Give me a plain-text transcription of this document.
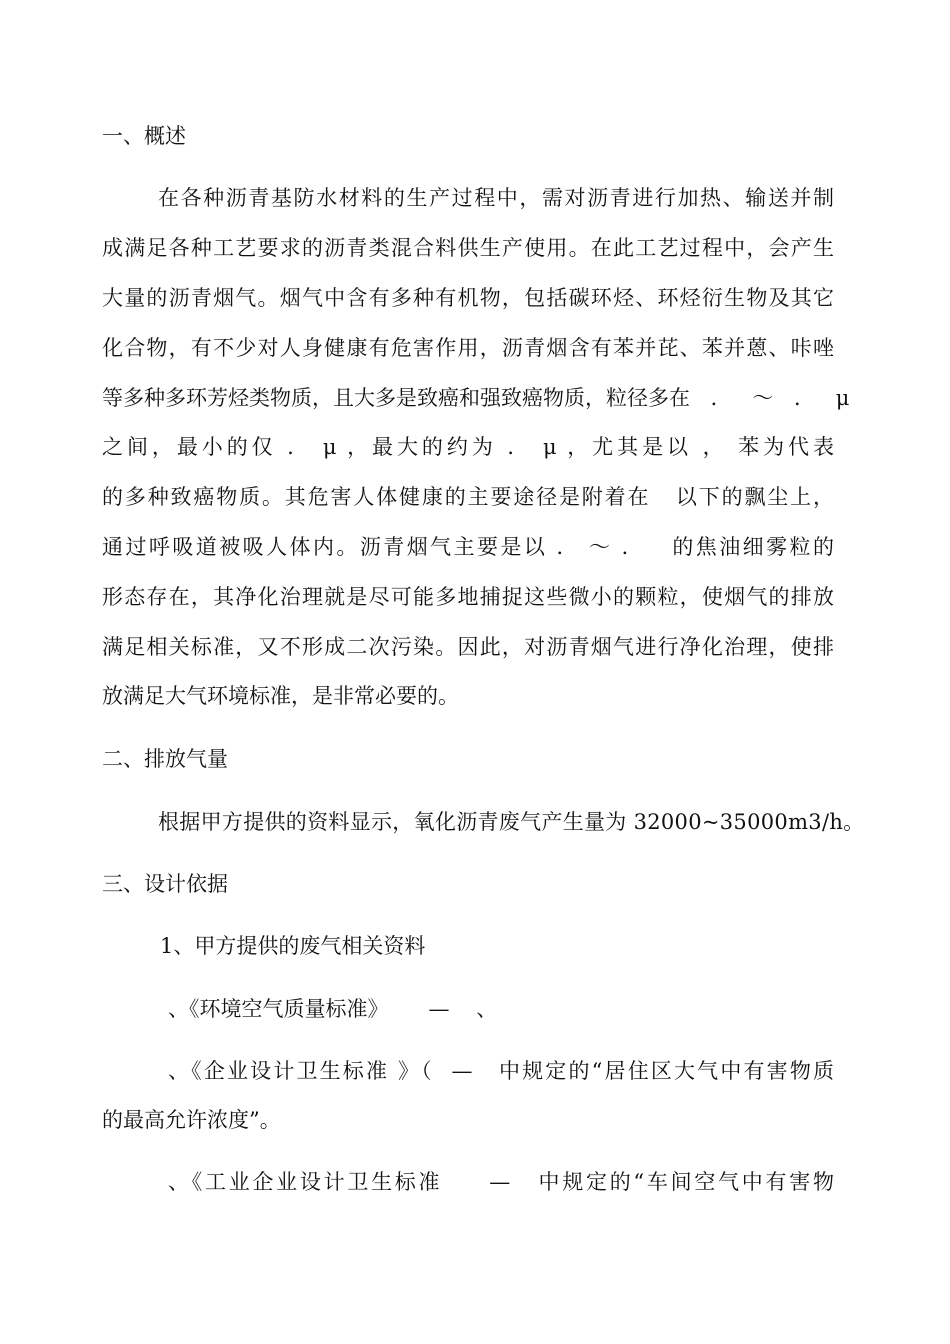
一、概述
在各种沥青基防水材料的生产过程中，需对沥青进行加热、输送并制
成满足各种工艺要求的沥青类混合料供生产使用。在此工艺过程中，会产生
大量的沥青烟气。烟气中含有多种有机物，包括碳环烃、环烃衍生物及其它
化合物，有不少对人身健康有危害作用，沥青烟含有苯并芘、苯并蒽、咔唑
等多种多环芳烃类物质，且大多是致癌和强致癌物质，粒径多在 ． ～ ． μ
之间，最小的仅 ． μ ，最大的约为 ． μ ，尤其是以 ， 苯为代表
的多种致癌物质。其危害人体健康的主要途径是附着在   以下的飘尘上，
通过呼吸道被吸人体内。沥青烟气主要是以 ． ～ ．   的焦油细雾粒的
形态存在，其净化治理就是尽可能多地捕捉这些微小的颗粒，使烟气的排放
满足相关标准，又不形成二次污染。因此，对沥青烟气进行净化治理，使排
放满足大气环境标准，是非常必要的。
二、排放气量
根据甲方提供的资料显示，氧化沥青废气产生量为 32000~35000m3/h。
三、设计依据
1、甲方提供的废气相关资料
、《环境空气质量标准》      —    、
、《企业设计卫生标准 》（  —   中规定的“居住区大气中有害物质
的最高允许浓度”。
、《工业企业设计卫生标准     —   中规定的“车间空气中有害物
